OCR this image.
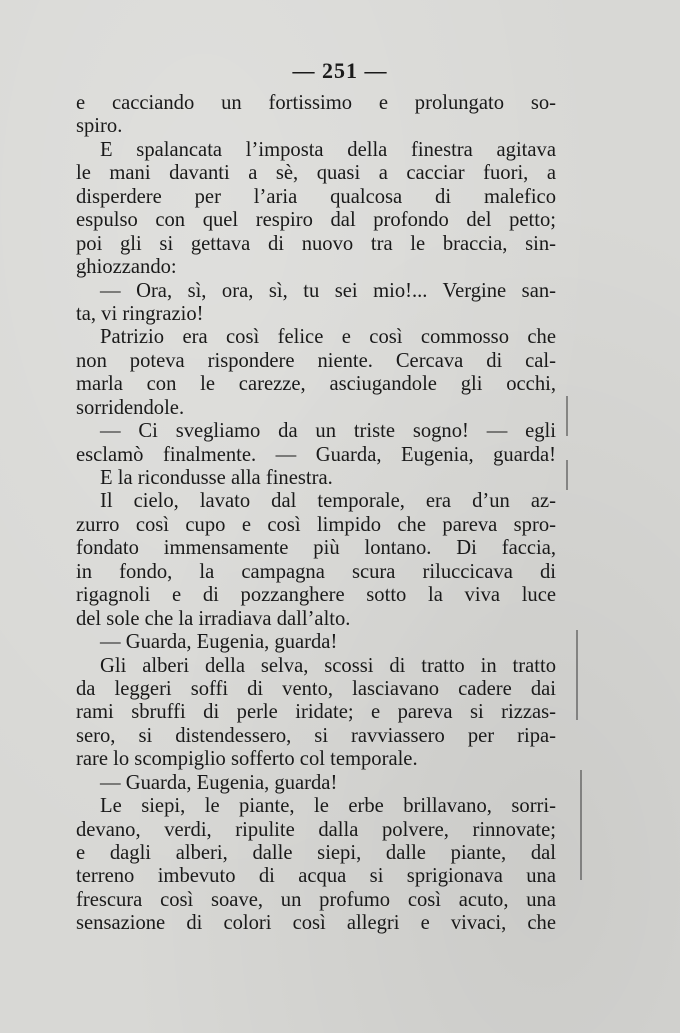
— 251 —
e cacciando un fortissimo e prolungato so-
spiro.
E spalancata l’imposta della finestra agitava
le mani davanti a sè, quasi a cacciar fuori, a
disperdere per l’aria qualcosa di malefico
espulso con quel respiro dal profondo del petto;
poi gli si gettava di nuovo tra le braccia, sin-
ghiozzando:
— Ora, sì, ora, sì, tu sei mio!... Vergine san-
ta, vi ringrazio!
Patrizio era così felice e così commosso che
non poteva rispondere niente. Cercava di cal-
marla con le carezze, asciugandole gli occhi,
sorridendole.
— Ci svegliamo da un triste sogno! — egli
esclamò finalmente. — Guarda, Eugenia, guarda!
E la ricondusse alla finestra.
Il cielo, lavato dal temporale, era d’un az-
zurro così cupo e così limpido che pareva spro-
fondato immensamente più lontano. Di faccia,
in fondo, la campagna scura riluccicava di
rigagnoli e di pozzanghere sotto la viva luce
del sole che la irradiava dall’alto.
— Guarda, Eugenia, guarda!
Gli alberi della selva, scossi di tratto in tratto
da leggeri soffi di vento, lasciavano cadere dai
rami sbruffi di perle iridate; e pareva si rizzas-
sero, si distendessero, si ravviassero per ripa-
rare lo scompiglio sofferto col temporale.
— Guarda, Eugenia, guarda!
Le siepi, le piante, le erbe brillavano, sorri-
devano, verdi, ripulite dalla polvere, rinnovate;
e dagli alberi, dalle siepi, dalle piante, dal
terreno imbevuto di acqua si sprigionava una
frescura così soave, un profumo così acuto, una
sensazione di colori così allegri e vivaci, che
